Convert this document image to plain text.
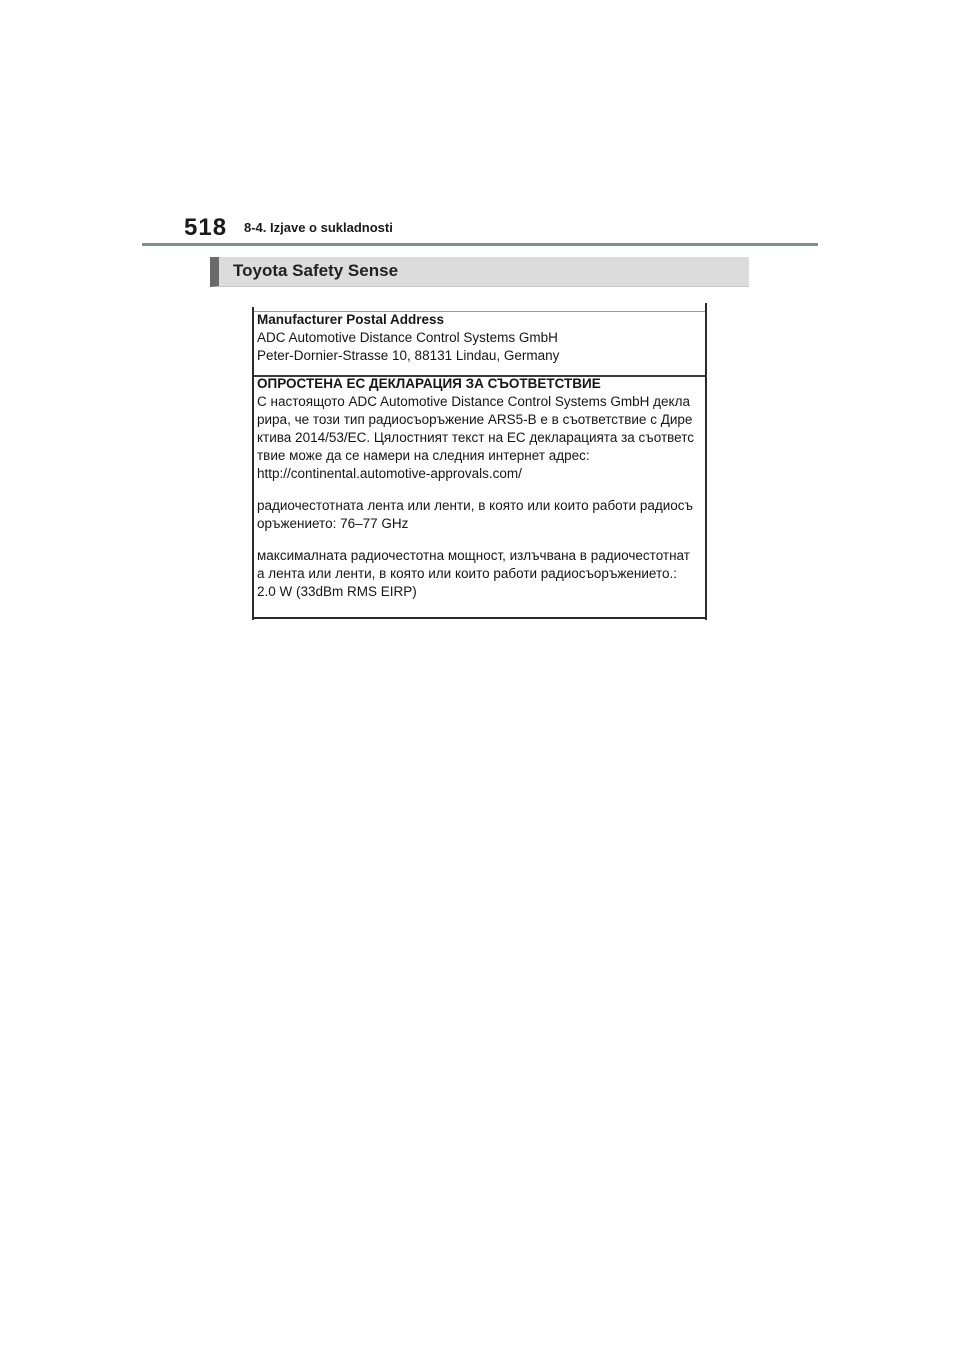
518 8-4. Izjave o sukladnosti
Toyota Safety Sense
Manufacturer Postal Address
ADC Automotive Distance Control Systems GmbH
Peter-Dornier-Strasse 10, 88131 Lindau, Germany
ОПРОСТЕНА ЕС ДЕКЛАРАЦИЯ ЗА СЪОТВЕТСТВИЕ
С настоящото ADC Automotive Distance Control Systems GmbH декла
рира, че този тип радиосъоръжение ARS5-B е в съответствие с Дире
ктива 2014/53/ЕС. Цялостният текст на ЕС декларацията за съответс
твие може да се намери на следния интернет адрес:
http://continental.automotive-approvals.com/
радиочестотната лента или ленти, в която или които работи радиосъ
оръжението: 76–77 GHz
максималната радиочестотна мощност, излъчвана в радиочестотнат
а лента или ленти, в която или които работи радиосъоръжението.:
2.0 W (33dBm RMS EIRP)
